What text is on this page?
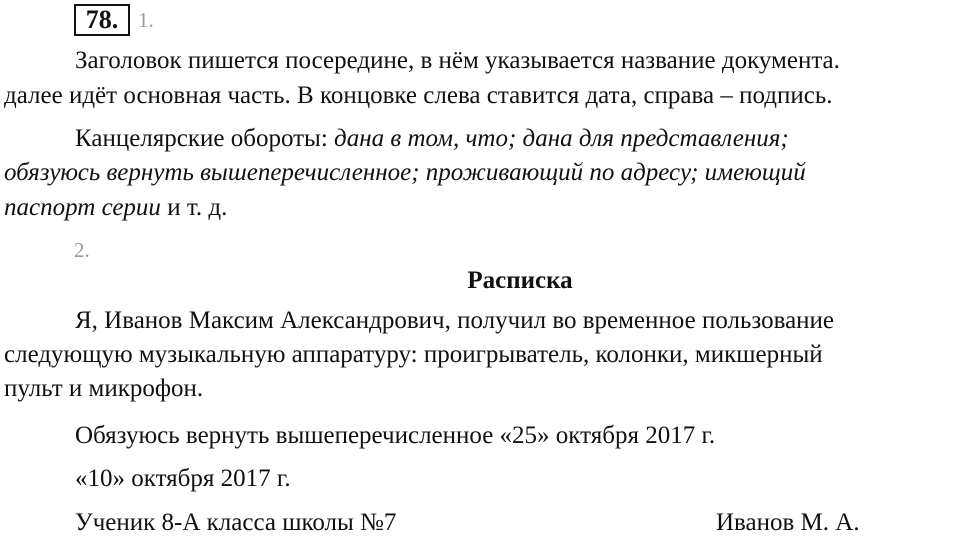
78. 1.
Заголовок пишется посередине, в нём указывается название документа.
далее идёт основная часть. В концовке слева ставится дата, справа – подпись.
Канцелярские обороты: дана в том, что; дана для представления;
обязуюсь вернуть вышеперечисленное; проживающий по адресу; имеющий
паспорт серии и т. д.
2.
Расписка
Я, Иванов Максим Александрович, получил во временное пользование
следующую музыкальную аппаратуру: проигрыватель, колонки, микшерный
пульт и микрофон.
Обязуюсь вернуть вышеперечисленное «25» октября 2017 г.
«10» октября 2017 г.
Ученик 8-А класса школы №7	Иванов М. А.
